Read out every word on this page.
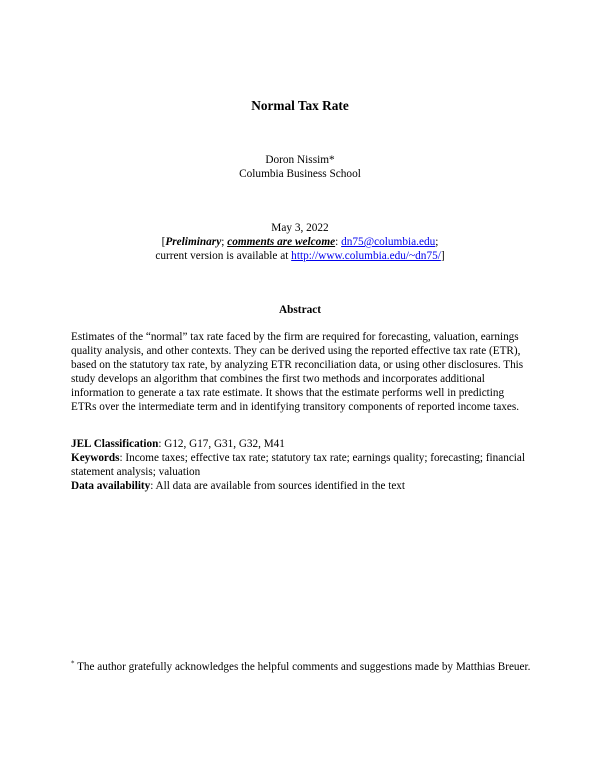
Normal Tax Rate
Doron Nissim*
Columbia Business School
May 3, 2022
[Preliminary; comments are welcome: dn75@columbia.edu;
current version is available at http://www.columbia.edu/~dn75/]
Abstract
Estimates of the “normal” tax rate faced by the firm are required for forecasting, valuation, earnings quality analysis, and other contexts. They can be derived using the reported effective tax rate (ETR), based on the statutory tax rate, by analyzing ETR reconciliation data, or using other disclosures. This study develops an algorithm that combines the first two methods and incorporates additional information to generate a tax rate estimate. It shows that the estimate performs well in predicting ETRs over the intermediate term and in identifying transitory components of reported income taxes.
JEL Classification: G12, G17, G31, G32, M41
Keywords: Income taxes; effective tax rate; statutory tax rate; earnings quality; forecasting; financial statement analysis; valuation
Data availability: All data are available from sources identified in the text
* The author gratefully acknowledges the helpful comments and suggestions made by Matthias Breuer.
